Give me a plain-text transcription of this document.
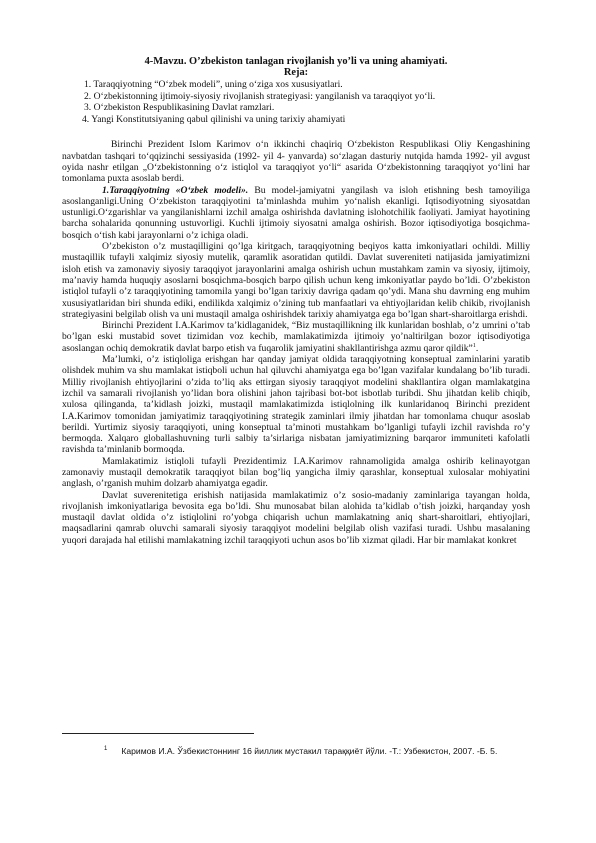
4-Mavzu. O’zbekiston tanlagan rivojlanish yo’li va uning ahamiyati.

Reja:

1. Taraqqiyotning “O‘zbek modeli”, uning o‘ziga xos xususiyatlari.
2. O‘zbekistonning ijtimoiy-siyosiy rivojlanish strategiyasi: yangilanish va taraqqiyot yo‘li.
3. O‘zbekiston Respublikasining Davlat ramzlari.
4. Yangi Konstitutsiyaning qabul qilinishi va uning tarixiy ahamiyati

Birinchi Prezident Islom Karimov o‘n ikkinchi chaqiriq O‘zbekiston Respublikasi Oliy Kengashining navbatdan tashqari to‘qqizinchi sessiyasida (1992- yil 4- yanvarda) so‘zlagan dasturiy nutqida hamda 1992- yil avgust oyida nashr etilgan „O‘zbekistonning o‘z istiqlol va taraqqiyot yo‘li“ asarida O‘zbekistonning taraqqiyot yo‘lini har tomonlama puxta asoslab berdi.

1.Taraqqiyotning «O‘zbek modeli». Bu model-jamiyatni yangilash va isloh etishning besh tamoyiliga asoslanganligi.Uning O‘zbekiston taraqqiyotini ta’minlashda muhim yo‘nalish ekanligi. Iqtisodiyotning siyosatdan ustunligi.O‘zgarishlar va yangilanishlarni izchil amalga oshirishda davlatning islohotchilik faoliyati. Jamiyat hayotining barcha sohalarida qonunning ustuvorligi. Kuchli ijtimoiy siyosatni amalga oshirish. Bozor iqtisodiyotiga bosqichma-bosqich o‘tish kabi jarayonlarni o’z ichiga oladi.

O’zbekiston o’z mustaqilligini qo’lga kiritgach, taraqqiyotning beqiyos katta imkoniyatlari ochildi. Milliy mustaqillik tufayli xalqimiz siyosiy mutelik, qaramlik asoratidan qutildi. Davlat suvereniteti natijasida jamiyatimizni isloh etish va zamonaviy siyosiy taraqqiyot jarayonlarini amalga oshirish uchun mustahkam zamin va siyosiy, ijtimoiy, ma’naviy hamda huquqiy asoslarni bosqichma-bosqich barpo qilish uchun keng imkoniyatlar paydo bo’ldi. O’zbekiston istiqlol tufayli o’z taraqqiyotining tamomila yangi bo’lgan tarixiy davriga qadam qo’ydi. Mana shu davrning eng muhim xususiyatlaridan biri shunda ediki, endilikda xalqimiz o’zining tub manfaatlari va ehtiyojlaridan kelib chikib, rivojlanish strategiyasini belgilab olish va uni mustaqil amalga oshirishdek tarixiy ahamiyatga ega bo’lgan shart-sharoitlarga erishdi.

Birinchi Prezident I.A.Karimov ta’kidlaganidek, “Biz mustaqillikning ilk kunlaridan boshlab, o’z umrini o’tab bo’lgan eski mustabid sovet tizimidan voz kechib, mamlakatimizda ijtimoiy yo’naltirilgan bozor iqtisodiyotiga asoslangan ochiq demokratik davlat barpo etish va fuqarolik jamiyatini shakllantirishga azmu qaror qildik”$^1$.

Ma’lumki, o’z istiqloliga erishgan har qanday jamiyat oldida taraqqiyotning konseptual zaminlarini yaratib olishdek muhim va shu mamlakat istiqboli uchun hal qiluvchi ahamiyatga ega bo’lgan vazifalar kundalang bo’lib turadi. Milliy rivojlanish ehtiyojlarini o’zida to’liq aks ettirgan siyosiy taraqqiyot modelini shakllantira olgan mamlakatgina izchil va samarali rivojlanish yo’lidan bora olishini jahon tajribasi bot-bot isbotlab turibdi. Shu jihatdan kelib chiqib, xulosa qilinganda, ta’kidlash joizki, mustaqil mamlakatimizda istiqlolning ilk kunlaridanoq Birinchi prezident I.A.Karimov tomonidan jamiyatimiz taraqqiyotining strategik zaminlari ilmiy jihatdan har tomonlama chuqur asoslab berildi. Yurtimiz siyosiy taraqqiyoti, uning konseptual ta’minoti mustahkam bo’lganligi tufayli izchil ravishda ro’y bermoqda. Xalqaro globallashuvning turli salbiy ta’sirlariga nisbatan jamiyatimizning barqaror immuniteti kafolatli ravishda ta’minlanib bormoqda.

Mamlakatimiz istiqloli tufayli Prezidentimiz I.A.Karimov rahnamoligida amalga oshirib kelinayotgan zamonaviy mustaqil demokratik taraqqiyot bilan bog’liq yangicha ilmiy qarashlar, konseptual xulosalar mohiyatini anglash, o’rganish muhim dolzarb ahamiyatga egadir.

Davlat suverenitetiga erishish natijasida mamlakatimiz o’z sosio-madaniy zaminlariga tayangan holda, rivojlanish imkoniyatlariga bevosita ega bo’ldi. Shu munosabat bilan alohida ta’kidlab o’tish joizki, harqanday yosh mustaqil davlat oldida o’z istiqlolini ro’yobga chiqarish uchun mamlakatning aniq shart-sharoitlari, ehtiyojlari, maqsadlarini qamrab oluvchi samarali siyosiy taraqqiyot modelini belgilab olish vazifasi turadi. Ushbu masalaning yuqori darajada hal etilishi mamlakatning izchil taraqqiyoti uchun asos bo’lib xizmat qiladi. Har bir mamlakat konkret

$^1$ Каримов И.А. Ўзбекистоннинг 16 йиллик мустакил тараққиёт йўли. -Т.: Узбекистон, 2007. -Б. 5.
